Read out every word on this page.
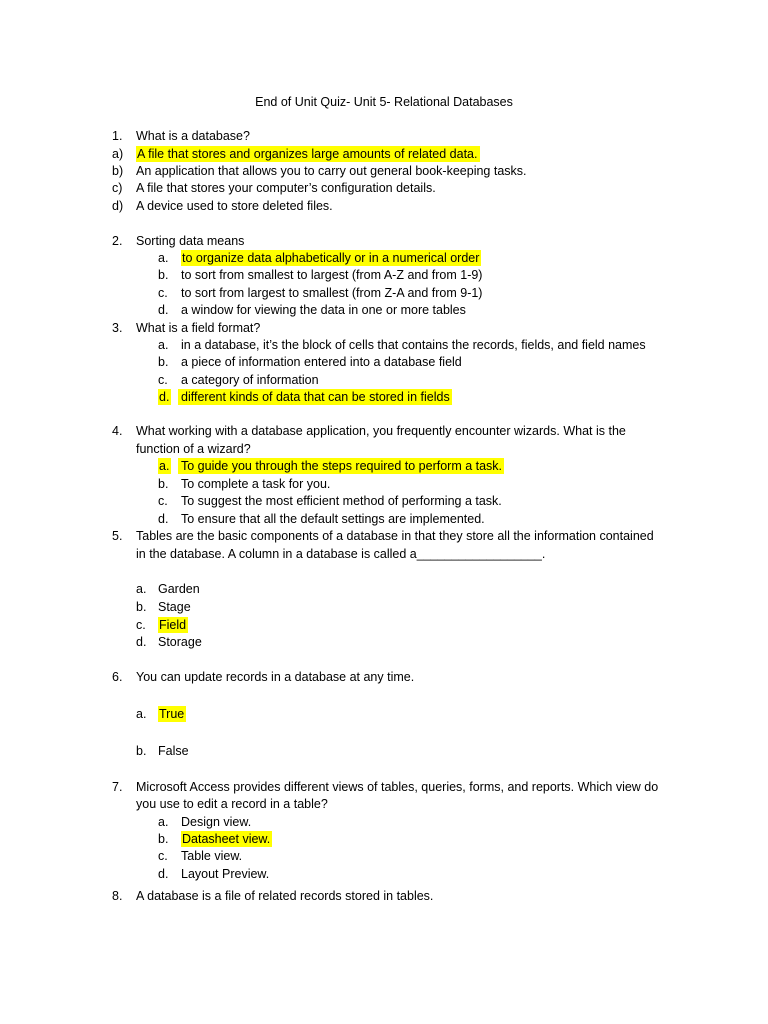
End of Unit Quiz- Unit 5- Relational Databases
1. What is a database?
a) A file that stores and organizes large amounts of related data.
b) An application that allows you to carry out general book-keeping tasks.
c) A file that stores your computer’s configuration details.
d) A device used to store deleted files.
2. Sorting data means
a. to organize data alphabetically or in a numerical order
b. to sort from smallest to largest (from A-Z and from 1-9)
c. to sort from largest to smallest (from Z-A and from 9-1)
d. a window for viewing the data in one or more tables
3. What is a field format?
a. in a database, it’s the block of cells that contains the records, fields, and field names
b. a piece of information entered into a database field
c. a category of information
d. different kinds of data that can be stored in fields
4. What working with a database application, you frequently encounter wizards. What is the
function of a wizard?
a. To guide you through the steps required to perform a task.
b. To complete a task for you.
c. To suggest the most efficient method of performing a task.
d. To ensure that all the default settings are implemented.
5. Tables are the basic components of a database in that they store all the information contained
in the database. A column in a database is called a__________________.
a. Garden
b. Stage
c. Field
d. Storage
6. You can update records in a database at any time.
a. True
b. False
7. Microsoft Access provides different views of tables, queries, forms, and reports. Which view do
you use to edit a record in a table?
a. Design view.
b. Datasheet view.
c. Table view.
d. Layout Preview.
8. A database is a file of related records stored in tables.
